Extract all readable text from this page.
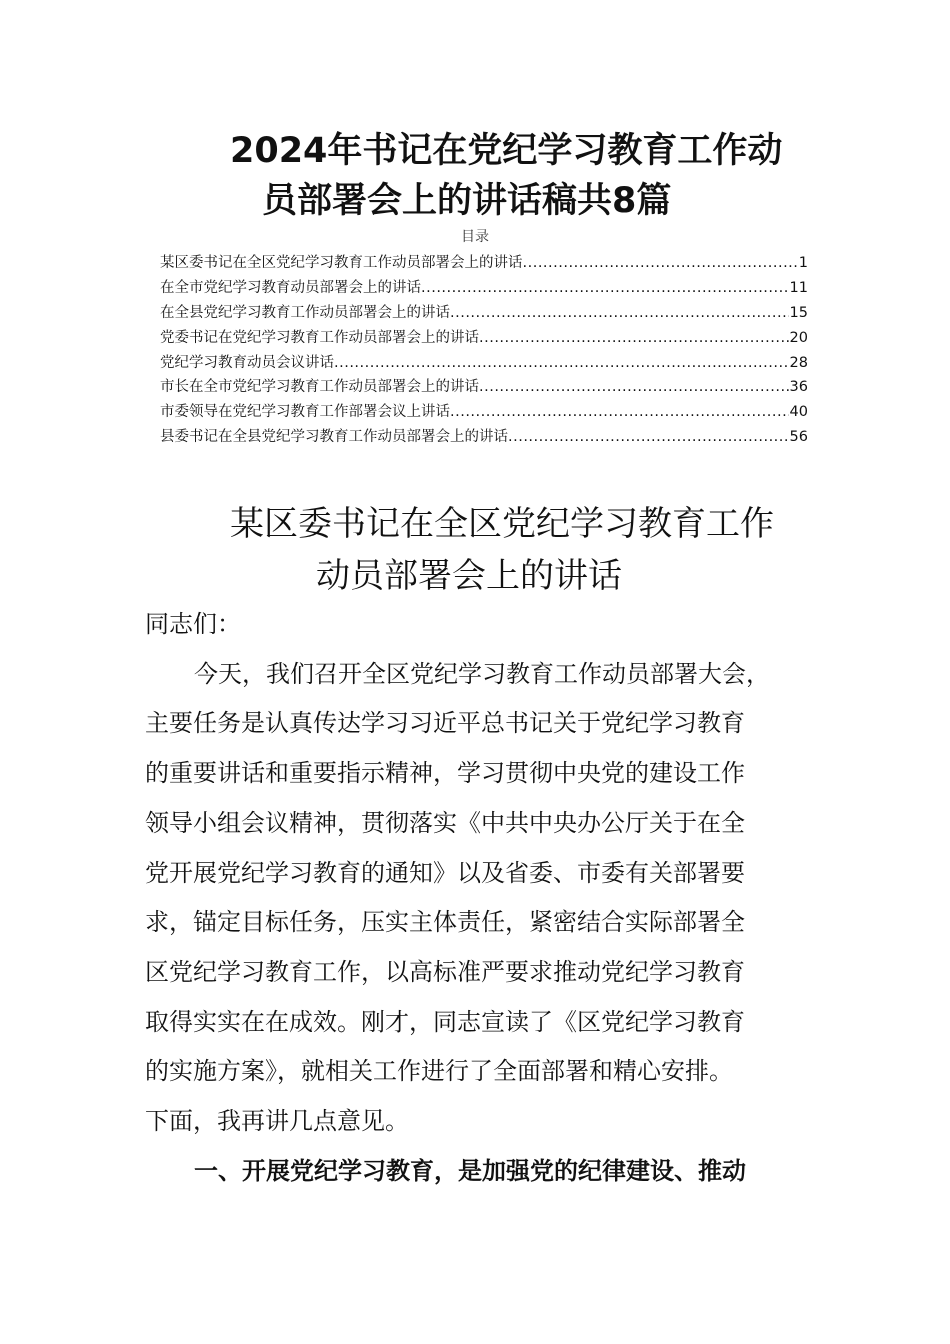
2024年书记在党纪学习教育工作动
员部署会上的讲话稿共8篇
目录
某区委书记在全区党纪学习教育工作动员部署会上的讲话 .....	1
在全市党纪学习教育动员部署会上的讲话 .....	11
在全县党纪学习教育工作动员部署会上的讲话 .....	15
党委书记在党纪学习教育工作动员部署会上的讲话 .....	20
党纪学习教育动员会议讲话 .....	28
市长在全市党纪学习教育工作动员部署会上的讲话 .....	36
市委领导在党纪学习教育工作部署会议上讲话 .....	40
县委书记在全县党纪学习教育工作动员部署会上的讲话 .....	56
某区委书记在全区党纪学习教育工作
动员部署会上的讲话
同志们：
今天，我们召开全区党纪学习教育工作动员部署大会，
主要任务是认真传达学习习近平总书记关于党纪学习教育
的重要讲话和重要指示精神，学习贯彻中央党的建设工作
领导小组会议精神，贯彻落实《中共中央办公厅关于在全
党开展党纪学习教育的通知》以及省委、市委有关部署要
求，锚定目标任务，压实主体责任，紧密结合实际部署全
区党纪学习教育工作，以高标准严要求推动党纪学习教育
取得实实在在成效。刚才，同志宣读了《区党纪学习教育
的实施方案》，就相关工作进行了全面部署和精心安排。
下面，我再讲几点意见。
一、开展党纪学习教育，是加强党的纪律建设、推动
